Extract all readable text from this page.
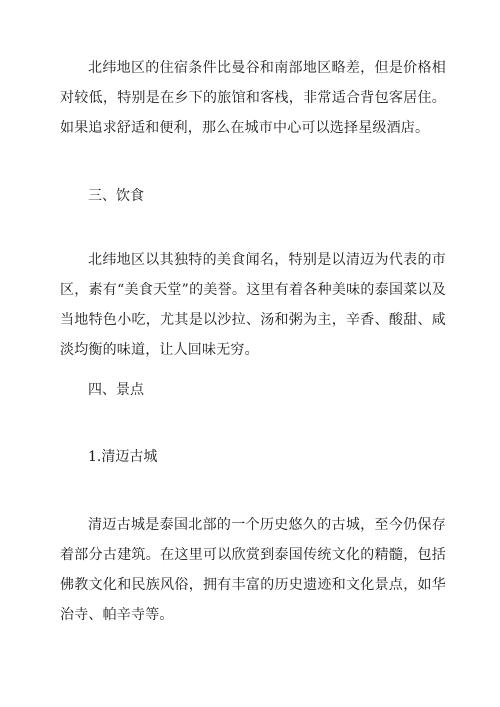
北纬地区的住宿条件比曼谷和南部地区略差，但是价格相对较低，特别是在乡下的旅馆和客栈，非常适合背包客居住。如果追求舒适和便利，那么在城市中心可以选择星级酒店。

三、饮食

北纬地区以其独特的美食闻名，特别是以清迈为代表的市区，素有“美食天堂”的美誉。这里有着各种美味的泰国菜以及当地特色小吃，尤其是以沙拉、汤和粥为主，辛香、酸甜、咸淡均衡的味道，让人回味无穷。

四、景点

1.清迈古城

清迈古城是泰国北部的一个历史悠久的古城，至今仍保存着部分古建筑。在这里可以欣赏到泰国传统文化的精髓，包括佛教文化和民族风俗，拥有丰富的历史遗迹和文化景点，如华治寺、帕辛寺等。
